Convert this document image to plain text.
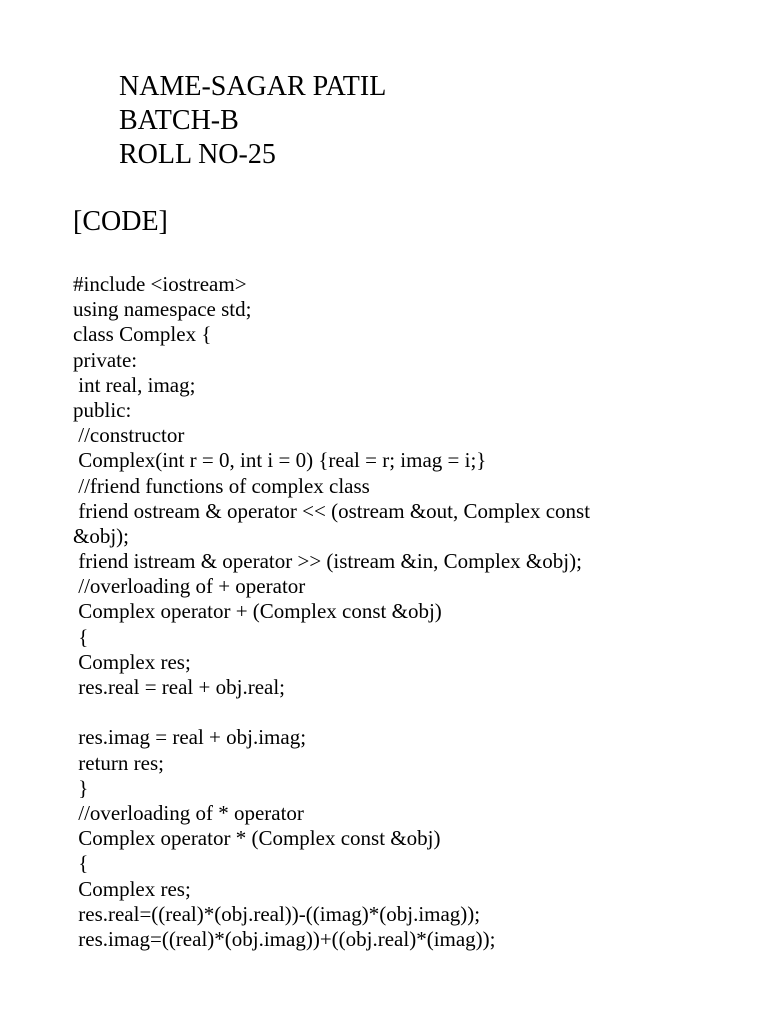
NAME-SAGAR PATIL
BATCH-B
ROLL NO-25
[CODE]
#include <iostream>
using namespace std;
class Complex {
private:
int real, imag;
public:
//constructor
Complex(int r = 0, int i = 0) {real = r; imag = i;}
//friend functions of complex class
friend ostream & operator << (ostream &out, Complex const
&obj);
friend istream & operator >> (istream &in, Complex &obj);
//overloading of + operator
Complex operator + (Complex const &obj)
{
Complex res;
res.real = real + obj.real;
res.imag = real + obj.imag;
return res;
}
//overloading of * operator
Complex operator * (Complex const &obj)
{
Complex res;
res.real=((real)*(obj.real))-((imag)*(obj.imag));
res.imag=((real)*(obj.imag))+((obj.real)*(imag));
